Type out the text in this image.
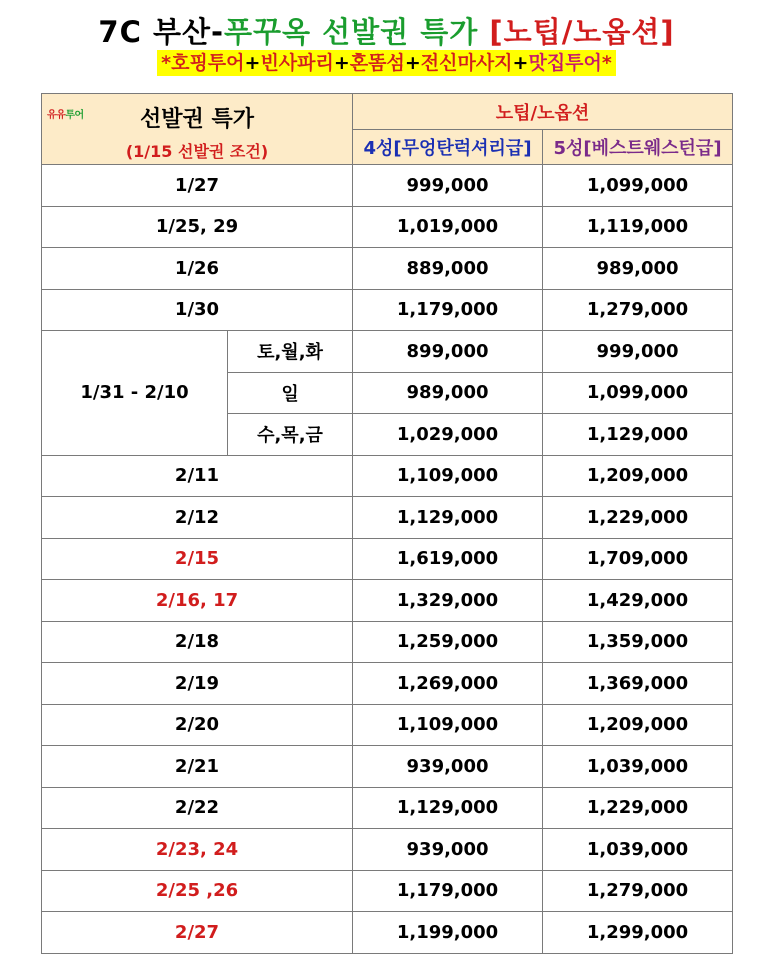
7C 부산-푸꾸옥 선발권 특가 [노팁/노옵션]
*호핑투어+빈사파리+혼똠섬+전신마사지+맛집투어*
유유투어 선발권 특가
(1/15 선발권 조건)		노팁/노옵션	
		4성[무엉탄럭셔리급]	5성[베스트웨스턴급]
1/27		999,000	1,099,000
1/25, 29		1,019,000	1,119,000
1/26		889,000	989,000
1/30		1,179,000	1,279,000
1/31 - 2/10	토,월,화	899,000	999,000
	일	989,000	1,099,000
	수,목,금	1,029,000	1,129,000
2/11		1,109,000	1,209,000
2/12		1,129,000	1,229,000
2/15		1,619,000	1,709,000
2/16, 17		1,329,000	1,429,000
2/18		1,259,000	1,359,000
2/19		1,269,000	1,369,000
2/20		1,109,000	1,209,000
2/21		939,000	1,039,000
2/22		1,129,000	1,229,000
2/23, 24		939,000	1,039,000
2/25 ,26		1,179,000	1,279,000
2/27		1,199,000	1,299,000
